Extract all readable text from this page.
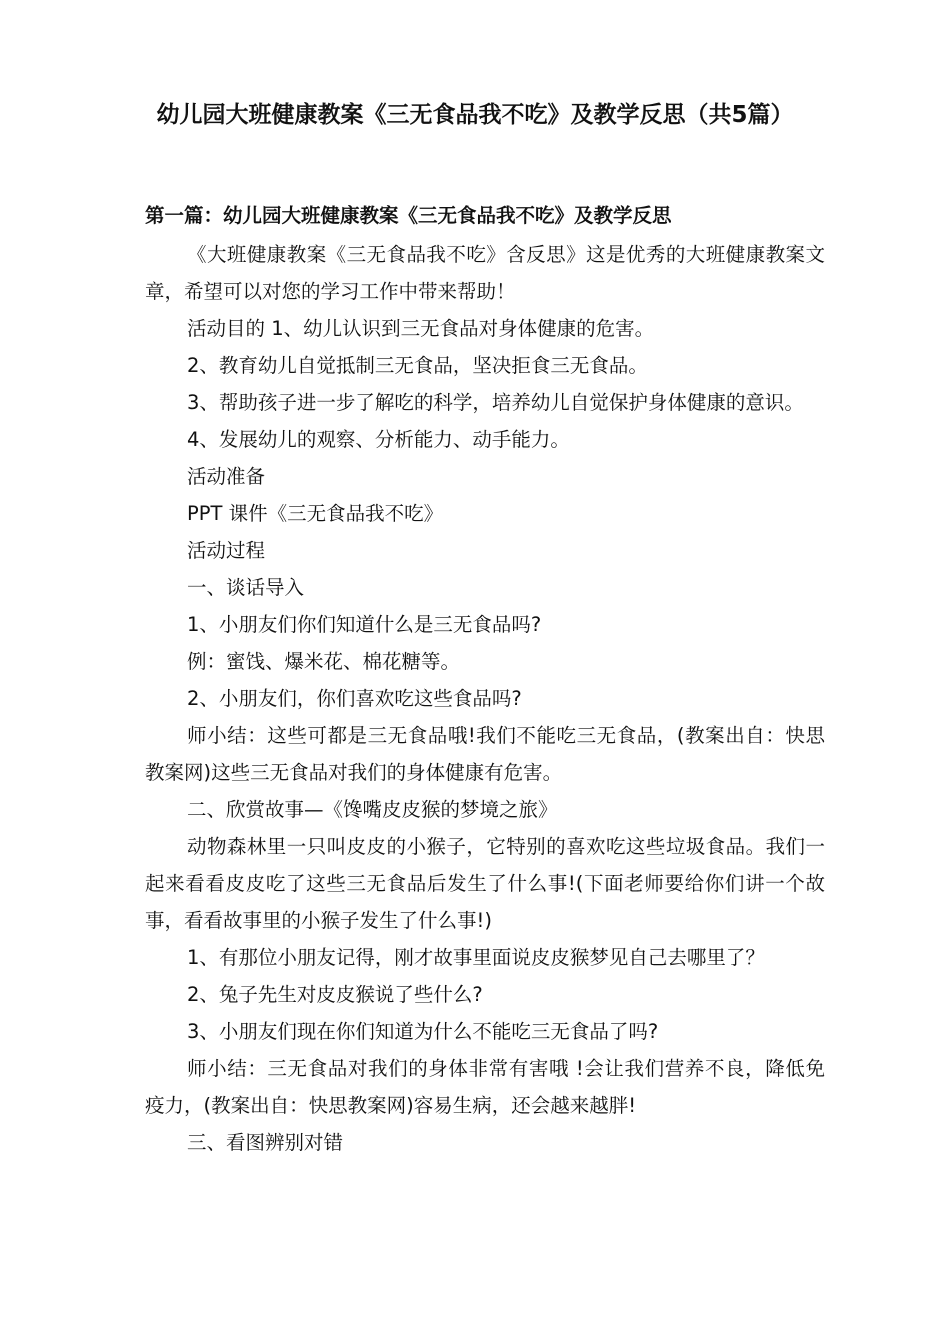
幼儿园大班健康教案《三无食品我不吃》及教学反思（共5篇）
第一篇：幼儿园大班健康教案《三无食品我不吃》及教学反思

《大班健康教案《三无食品我不吃》含反思》这是优秀的大班健康教案文章，希望可以对您的学习工作中带来帮助！

活动目的 1、幼儿认识到三无食品对身体健康的危害。

2、教育幼儿自觉抵制三无食品，坚决拒食三无食品。

3、帮助孩子进一步了解吃的科学，培养幼儿自觉保护身体健康的意识。

4、发展幼儿的观察、分析能力、动手能力。

活动准备

PPT 课件《三无食品我不吃》

活动过程

一、谈话导入

1、小朋友们你们知道什么是三无食品吗?

例：蜜饯、爆米花、棉花糖等。

2、小朋友们，你们喜欢吃这些食品吗?

师小结：这些可都是三无食品哦!我们不能吃三无食品，(教案出自：快思教案网)这些三无食品对我们的身体健康有危害。

二、欣赏故事—《馋嘴皮皮猴的梦境之旅》

动物森林里一只叫皮皮的小猴子，它特别的喜欢吃这些垃圾食品。我们一起来看看皮皮吃了这些三无食品后发生了什么事!(下面老师要给你们讲一个故事，看看故事里的小猴子发生了什么事!)

1、有那位小朋友记得，刚才故事里面说皮皮猴梦见自己去哪里了？

2、兔子先生对皮皮猴说了些什么?

3、小朋友们现在你们知道为什么不能吃三无食品了吗?

师小结：三无食品对我们的身体非常有害哦 !会让我们营养不良，降低免疫力，(教案出自：快思教案网)容易生病，还会越来越胖!

三、看图辨别对错
